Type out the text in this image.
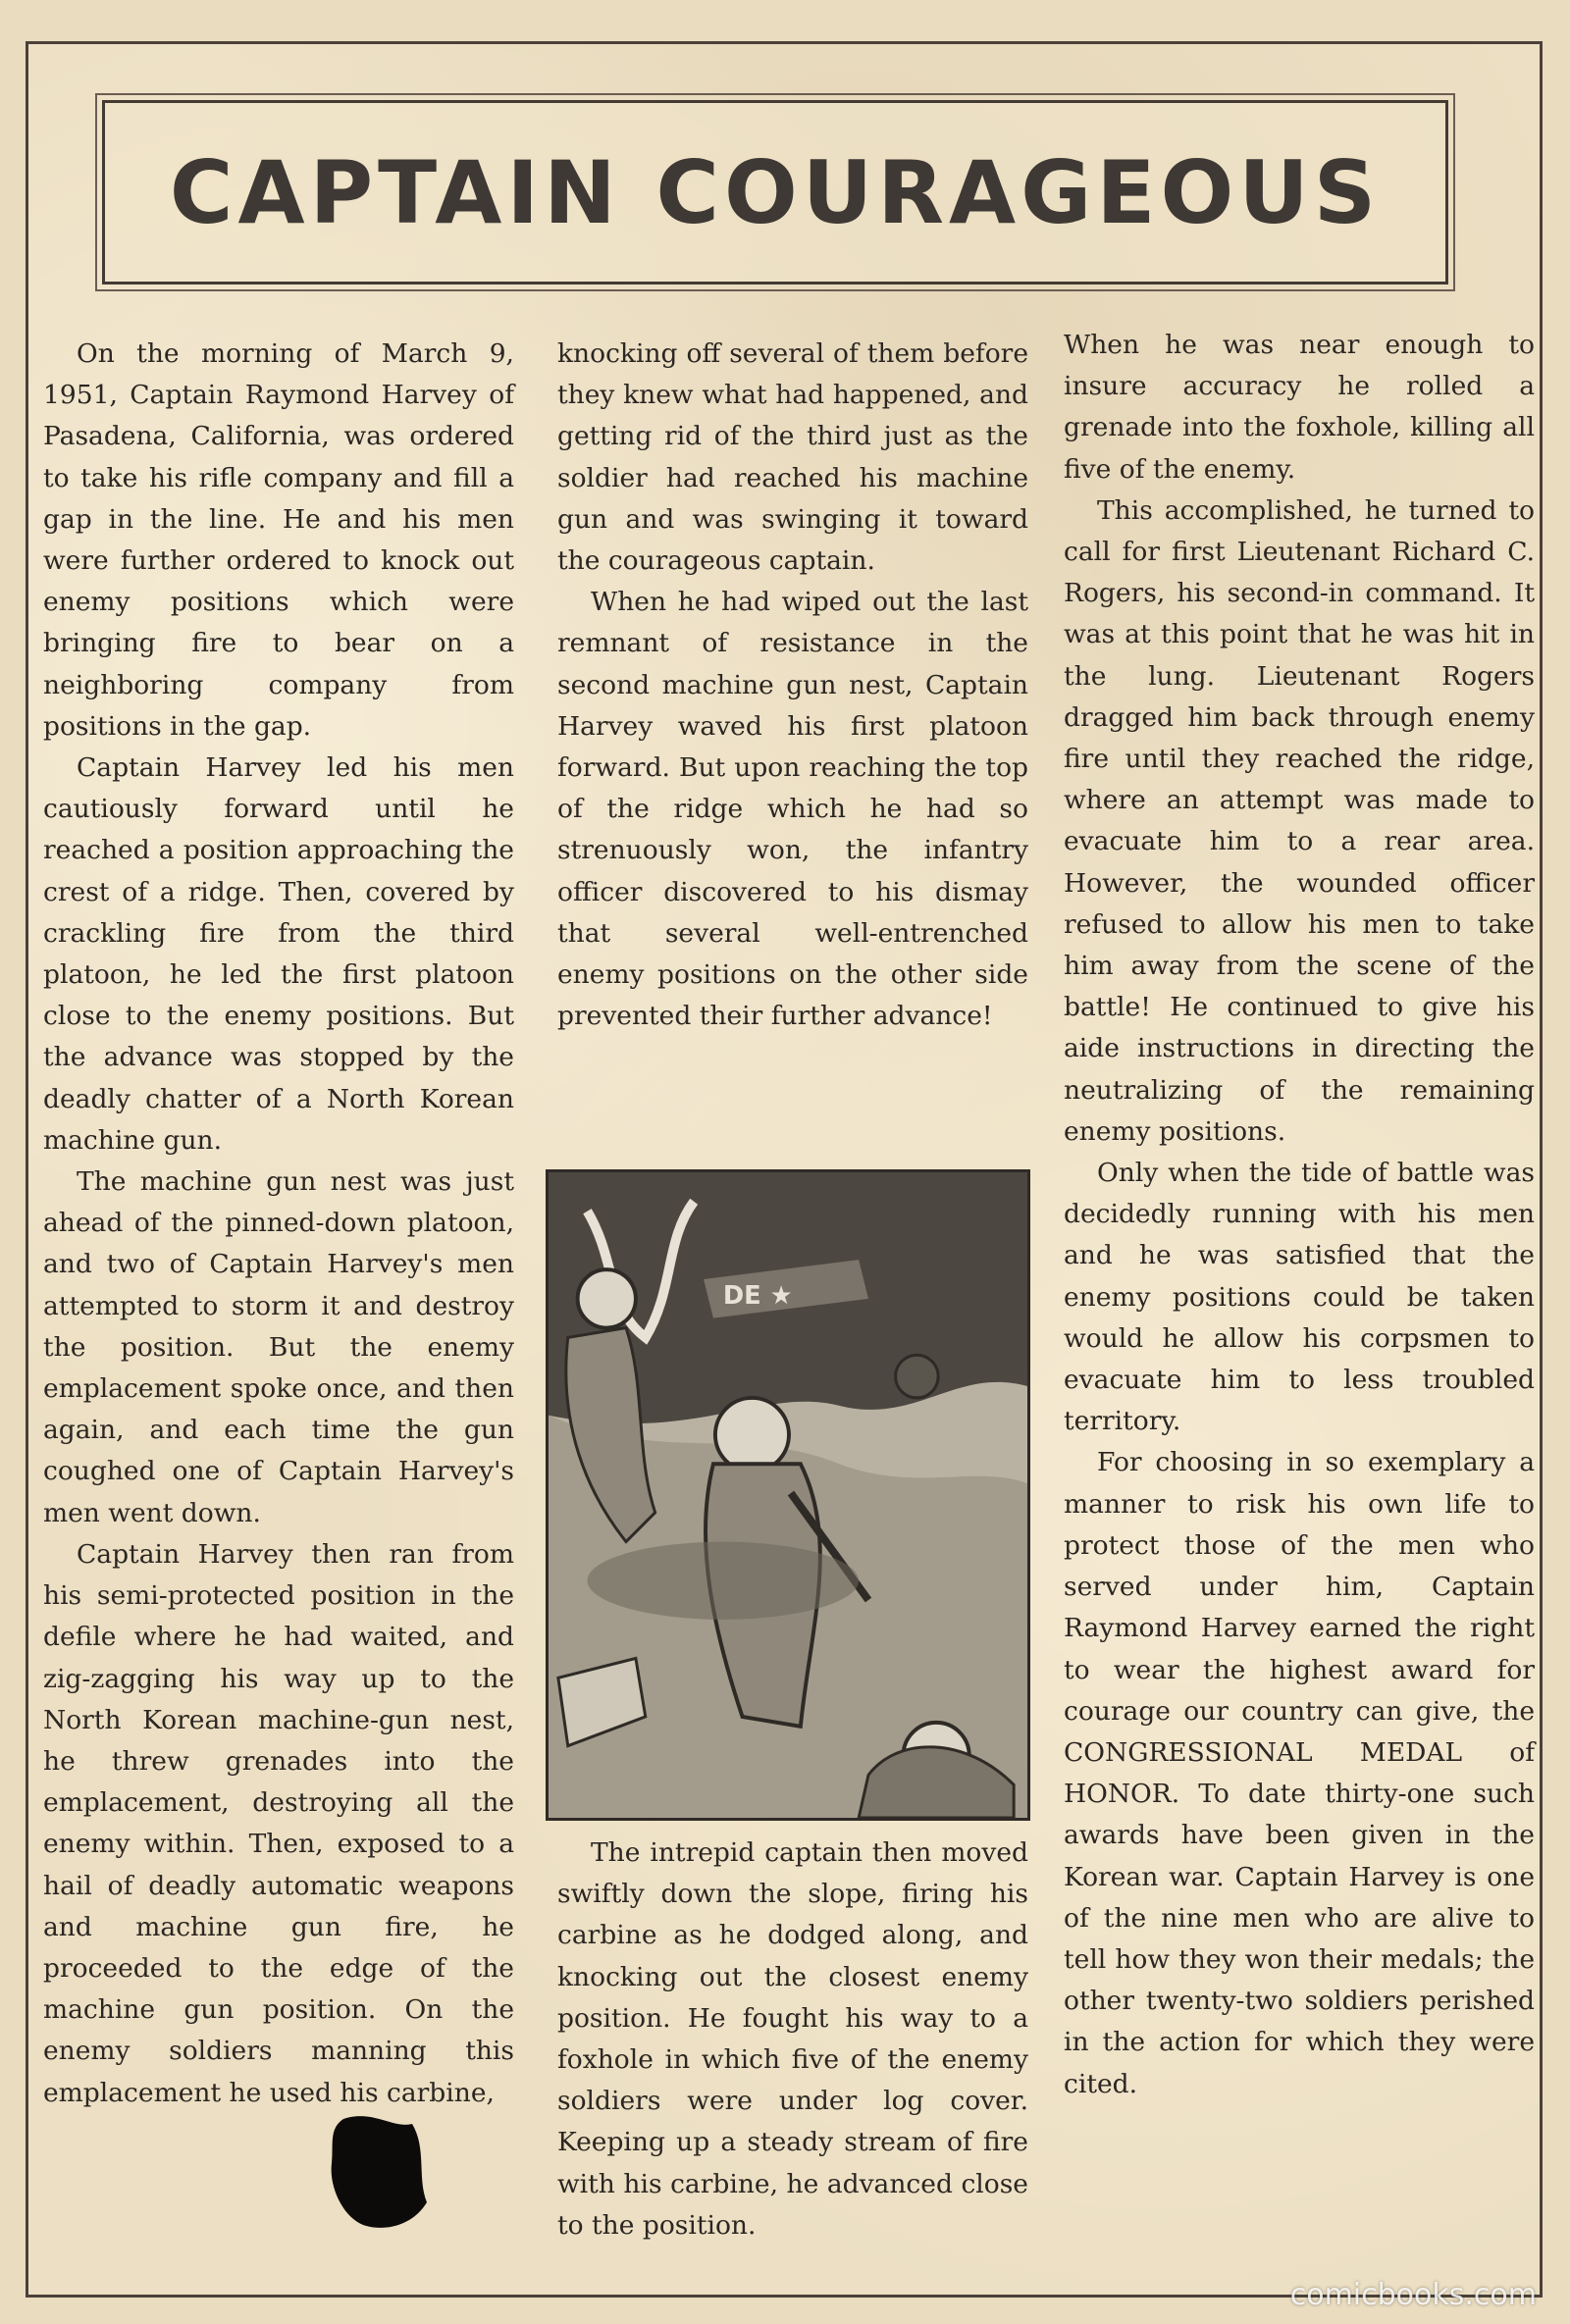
CAPTAIN COURAGEOUS

On the morning of March 9, 1951, Captain Raymond Harvey of Pasadena, California, was ordered to take his rifle company and fill a gap in the line. He and his men were further ordered to knock out enemy positions which were bringing fire to bear on a neighboring company from positions in the gap.

Captain Harvey led his men cautiously forward until he reached a position approaching the crest of a ridge. Then, covered by crackling fire from the third platoon, he led the first platoon close to the enemy positions. But the advance was stopped by the deadly chatter of a North Korean machine gun.

The machine gun nest was just ahead of the pinned-down platoon, and two of Captain Harvey's men attempted to storm it and destroy the position. But the enemy emplacement spoke once, and then again, and each time the gun coughed one of Captain Harvey's men went down.

Captain Harvey then ran from his semi-protected position in the defile where he had waited, and zig-zagging his way up to the North Korean machine-gun nest, he threw grenades into the emplacement, destroying all the enemy within. Then, exposed to a hail of deadly automatic weapons and machine gun fire, he proceeded to the edge of the machine gun position. On the enemy soldiers manning this emplacement he used his carbine,

knocking off several of them before they knew what had happened, and getting rid of the third just as the soldier had reached his machine gun and was swinging it toward the courageous captain.

When he had wiped out the last remnant of resistance in the second machine gun nest, Captain Harvey waved his first platoon forward. But upon reaching the top of the ridge which he had so strenuously won, the infantry officer discovered to his dismay that several well-entrenched enemy positions on the other side prevented their further advance!

DE ★

The intrepid captain then moved swiftly down the slope, firing his carbine as he dodged along, and knocking out the closest enemy position. He fought his way to a foxhole in which five of the enemy soldiers were under log cover. Keeping up a steady stream of fire with his carbine, he advanced close to the position.

When he was near enough to insure accuracy he rolled a grenade into the foxhole, killing all five of the enemy.

This accomplished, he turned to call for first Lieutenant Richard C. Rogers, his second-in command. It was at this point that he was hit in the lung. Lieutenant Rogers dragged him back through enemy fire until they reached the ridge, where an attempt was made to evacuate him to a rear area. However, the wounded officer refused to allow his men to take him away from the scene of the battle! He continued to give his aide instructions in directing the neutralizing of the remaining enemy positions.

Only when the tide of battle was decidedly running with his men and he was satisfied that the enemy positions could be taken would he allow his corpsmen to evacuate him to less troubled territory.

For choosing in so exemplary a manner to risk his own life to protect those of the men who served under him, Captain Raymond Harvey earned the right to wear the highest award for courage our country can give, the CONGRESSIONAL MEDAL of HONOR. To date thirty-one such awards have been given in the Korean war. Captain Harvey is one of the nine men who are alive to tell how they won their medals; the other twenty-two soldiers perished in the action for which they were cited.

comicbooks.com
